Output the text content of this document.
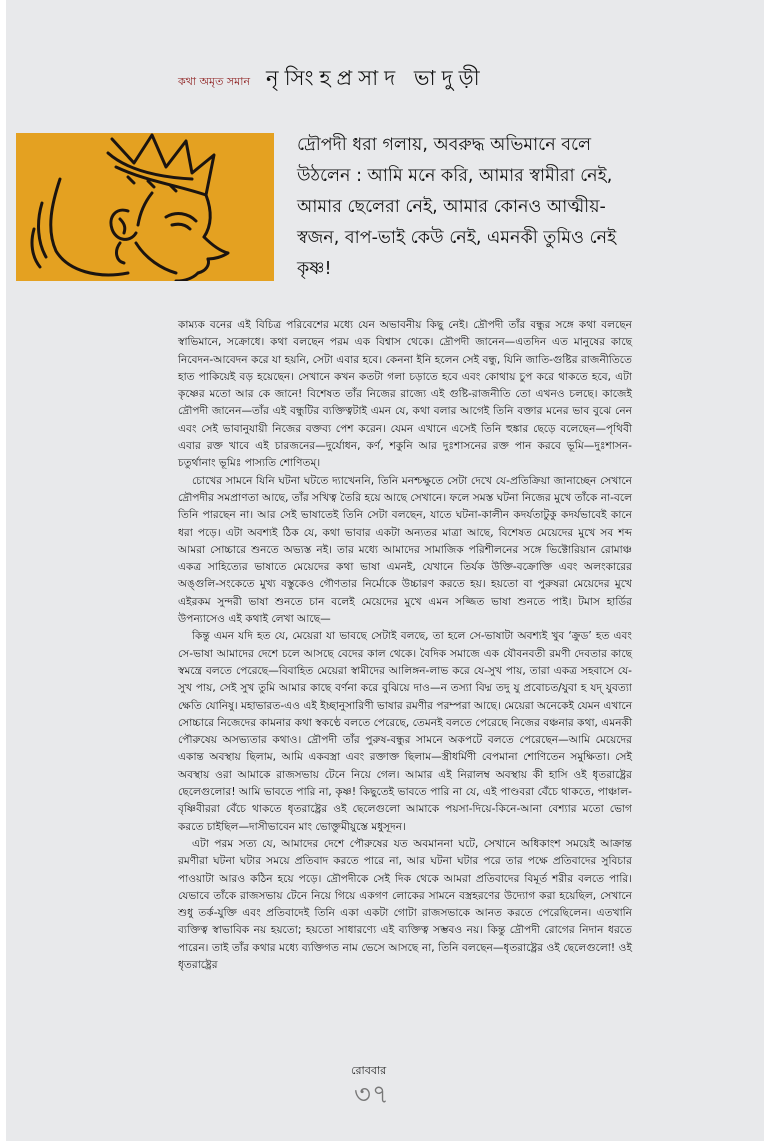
কথা অমৃত সমান নৃসিংহপ্রসাদ ভাদুড়ী
দ্রৌপদী ধরা গলায়, অবরুদ্ধ অভিমানে বলে উঠলেন : আমি মনে করি, আমার স্বামীরা নেই, আমার ছেলেরা নেই, আমার কোনও আত্মীয়-স্বজন, বাপ-ভাই কেউ নেই, এমনকী তুমিও নেই কৃষ্ণ!

কাম্যক বনের এই বিচিত্র পরিবেশের মধ্যে যেন অভাবনীয় কিছু নেই। দ্রৌপদী তাঁর বন্ধুর সঙ্গে কথা বলছেন স্বাভিমানে, সক্রোধে। কথা বলছেন পরম এক বিশ্বাস থেকে। দ্রৌপদী জানেন—এতদিন এত মানুষের কাছে নিবেদন-আবেদন করে যা হয়নি, সেটা এবার হবে। কেননা ইনি হলেন সেই বন্ধু, যিনি জাতি-গুষ্টির রাজনীতিতে হাত পাকিয়েই বড় হয়েছেন। সেখানে কখন কতটা গলা চড়াতে হবে এবং কোথায় চুপ করে থাকতে হবে, এটা কৃষ্ণের মতো আর কে জানে! বিশেষত তাঁর নিজের রাজ্যে এই গুষ্টি-রাজনীতি তো এখনও চলছে। কাজেই দ্রৌপদী জানেন—তাঁর এই বন্ধুটির ব্যক্তিত্বটাই এমন যে, কথা বলার আগেই তিনি বক্তার মনের ভাব বুঝে নেন এবং সেই ভাবানুযায়ী নিজের বক্তব্য পেশ করেন। যেমন এখানে এসেই তিনি হুঙ্কার ছেড়ে বলেছেন—পৃথিবী এবার রক্ত খাবে এই চারজনের—দুর্যোধন, কর্ণ, শকুনি আর দুঃশাসনের রক্ত পান করবে ভূমি—দুঃশাসন-চতুর্থানাং ভূমিঃ পাস্যতি শোণিতম্।

চোখের সামনে যিনি ঘটনা ঘটতে দ্যাখেননি, তিনি মনশ্চক্ষুতে সেটা দেখে যে-প্রতিক্রিয়া জানাচ্ছেন সেখানে দ্রৌপদীর সমপ্রাণতা আছে, তাঁর সখিত্ব তৈরি হয়ে আছে সেখানে। ফলে সমস্ত ঘটনা নিজের মুখে তাঁকে না-বলে তিনি পারছেন না। আর সেই ভাষাতেই তিনি সেটা বলছেন, যাতে ঘটনা-কালীন কদর্যতাটুকু কদর্যভাবেই কানে ধরা পড়ে। এটা অবশ্যই ঠিক যে, কথা ভাবার একটা অন্যতর মাত্রা আছে, বিশেষত মেয়েদের মুখে সব শব্দ আমরা সোচ্চারে শুনতে অভ্যস্ত নই। তার মধ্যে আমাদের সামাজিক পরিশীলনের সঙ্গে ভিক্টোরিয়ান রোমাঞ্চ একত্র সাহিত্যের ভাষাতে মেয়েদের কথা ভাষা এমনই, যেখানে তির্যক উক্তি-বক্রোক্তি এবং অলংকারের অঙ্গুলি-সংকেতে মুখ্য বস্তুকেও গৌণতার নির্মোকে উচ্চারণ করতে হয়। হয়তো বা পুরুষরা মেয়েদের মুখে এইরকম সুন্দরী ভাষা শুনতে চান বলেই মেয়েদের মুখে এমন সজ্জিত ভাষা শুনতে পাই। টমাস হার্ডির উপন্যাসেও এই কথাই লেখা আছে—

কিন্তু এমন যদি হত যে, মেয়েরা যা ভাবছে সেটাই বলছে, তা হলে সে-ভাষাটা অবশ্যই খুব ‘ক্রুড’ হত এবং সে-ভাষা আমাদের দেশে চলে আসছে বেদের কাল থেকে। বৈদিক সমাজে এক যৌবনবতী রমণী দেবতার কাছে স্বমন্ত্রে বলতে পেরেছে—বিবাহিত মেয়েরা স্বামীদের আলিঙ্গন-লাভ করে যে-সুখ পায়, তারা একত্র সহবাসে যে-সুখ পায়, সেই সুখ তুমি আমার কাছে বর্ণনা করে বুঝিয়ে দাও—ন তস্যা বিদ্ম তদু যু প্রবোচত/যুবা হ যদ্ যুবত্যা ক্ষেতি যোনিষু। মহাভারত-এও এই ইচ্ছানুসারিণী ভাষার রমণীর পরম্পরা আছে। মেয়েরা অনেকেই যেমন এখানে সোচ্চারে নিজেদের কামনার কথা স্বকণ্ঠে বলতে পেরেছে, তেমনই বলতে পেরেছে নিজের বঞ্চনার কথা, এমনকী পৌরুষেয় অসভ্যতার কথাও। দ্রৌপদী তাঁর পুরুষ-বন্ধুর সামনে অকপটে বলতে পেরেছেন—আমি মেয়েদের একান্ত অবস্থায় ছিলাম, আমি একবস্ত্রা এবং রক্তাক্ত ছিলাম—স্ত্রীধর্মিণী বেপমানা শোণিতেন সমুক্ষিতা। সেই অবস্থায় ওরা আমাকে রাজসভায় টেনে নিয়ে গেল। আমার এই নিরালম্ব অবস্থায় কী হাসি ওই ধৃতরাষ্ট্রের ছেলেগুলোর! আমি ভাবতে পারি না, কৃষ্ণ! কিছুতেই ভাবতে পারি না যে, এই পাণ্ডবরা বেঁচে থাকতে, পাঞ্চাল-বৃষ্ণিবীররা বেঁচে থাকতে ধৃতরাষ্ট্রের ওই ছেলেগুলো আমাকে পয়সা-দিয়ে-কিনে-আনা বেশ্যার মতো ভোগ করতে চাইছিল—দাসীভাবেন মাং ভোক্তুমীয়ুস্তে মধুসূদন।

এটা পরম সত্য যে, আমাদের দেশে পৌরুষের যত অবমাননা ঘটে, সেখানে অধিকাংশ সময়েই আক্রান্ত রমণীরা ঘটনা ঘটার সময়ে প্রতিবাদ করতে পারে না, আর ঘটনা ঘটার পরে তার পক্ষে প্রতিবাদের সুবিচার পাওয়াটা আরও কঠিন হয়ে পড়ে। দ্রৌপদীকে সেই দিক থেকে আমরা প্রতিবাদের বিমূর্ত শরীর বলতে পারি। যেভাবে তাঁকে রাজসভায় টেনে নিয়ে গিয়ে একগণ লোকের সামনে বস্ত্রহরণের উদ্যোগ করা হয়েছিল, সেখানে শুধু তর্ক-যুক্তি এবং প্রতিবাদেই তিনি একা একটা গোটা রাজসভাকে আনত করতে পেরেছিলেন। এতখানি ব্যক্তিত্ব স্বাভাবিক নয় হয়তো; হয়তো সাধারণ্যে এই ব্যক্তিত্ব সম্ভবও নয়। কিন্তু দ্রৌপদী রোগের নিদান ধরতে পারেন। তাই তাঁর কথার মধ্যে ব্যক্তিগত নাম ভেসে আসছে না, তিনি বলছেন—ধৃতরাষ্ট্রের ওই ছেলেগুলো! ওই ধৃতরাষ্ট্রের

রোববার
৩৭
